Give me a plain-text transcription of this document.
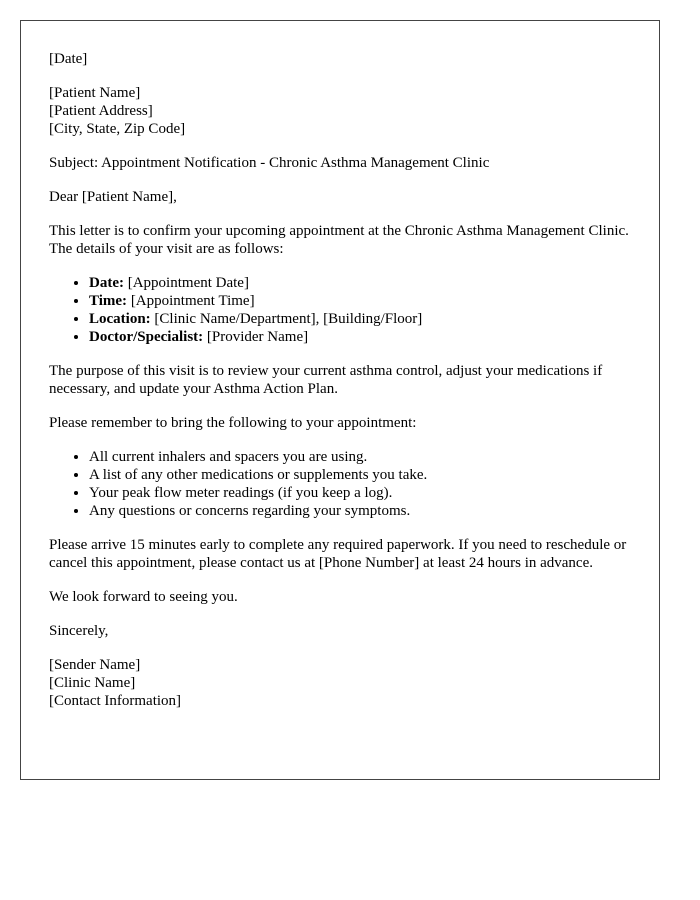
[Date]

[Patient Name]
[Patient Address]
[City, State, Zip Code]

Subject: Appointment Notification - Chronic Asthma Management Clinic

Dear [Patient Name],

This letter is to confirm your upcoming appointment at the Chronic Asthma Management Clinic. The details of your visit are as follows:

• Date: [Appointment Date]
• Time: [Appointment Time]
• Location: [Clinic Name/Department], [Building/Floor]
• Doctor/Specialist: [Provider Name]

The purpose of this visit is to review your current asthma control, adjust your medications if necessary, and update your Asthma Action Plan.

Please remember to bring the following to your appointment:

• All current inhalers and spacers you are using.
• A list of any other medications or supplements you take.
• Your peak flow meter readings (if you keep a log).
• Any questions or concerns regarding your symptoms.

Please arrive 15 minutes early to complete any required paperwork. If you need to reschedule or cancel this appointment, please contact us at [Phone Number] at least 24 hours in advance.

We look forward to seeing you.

Sincerely,

[Sender Name]
[Clinic Name]
[Contact Information]
